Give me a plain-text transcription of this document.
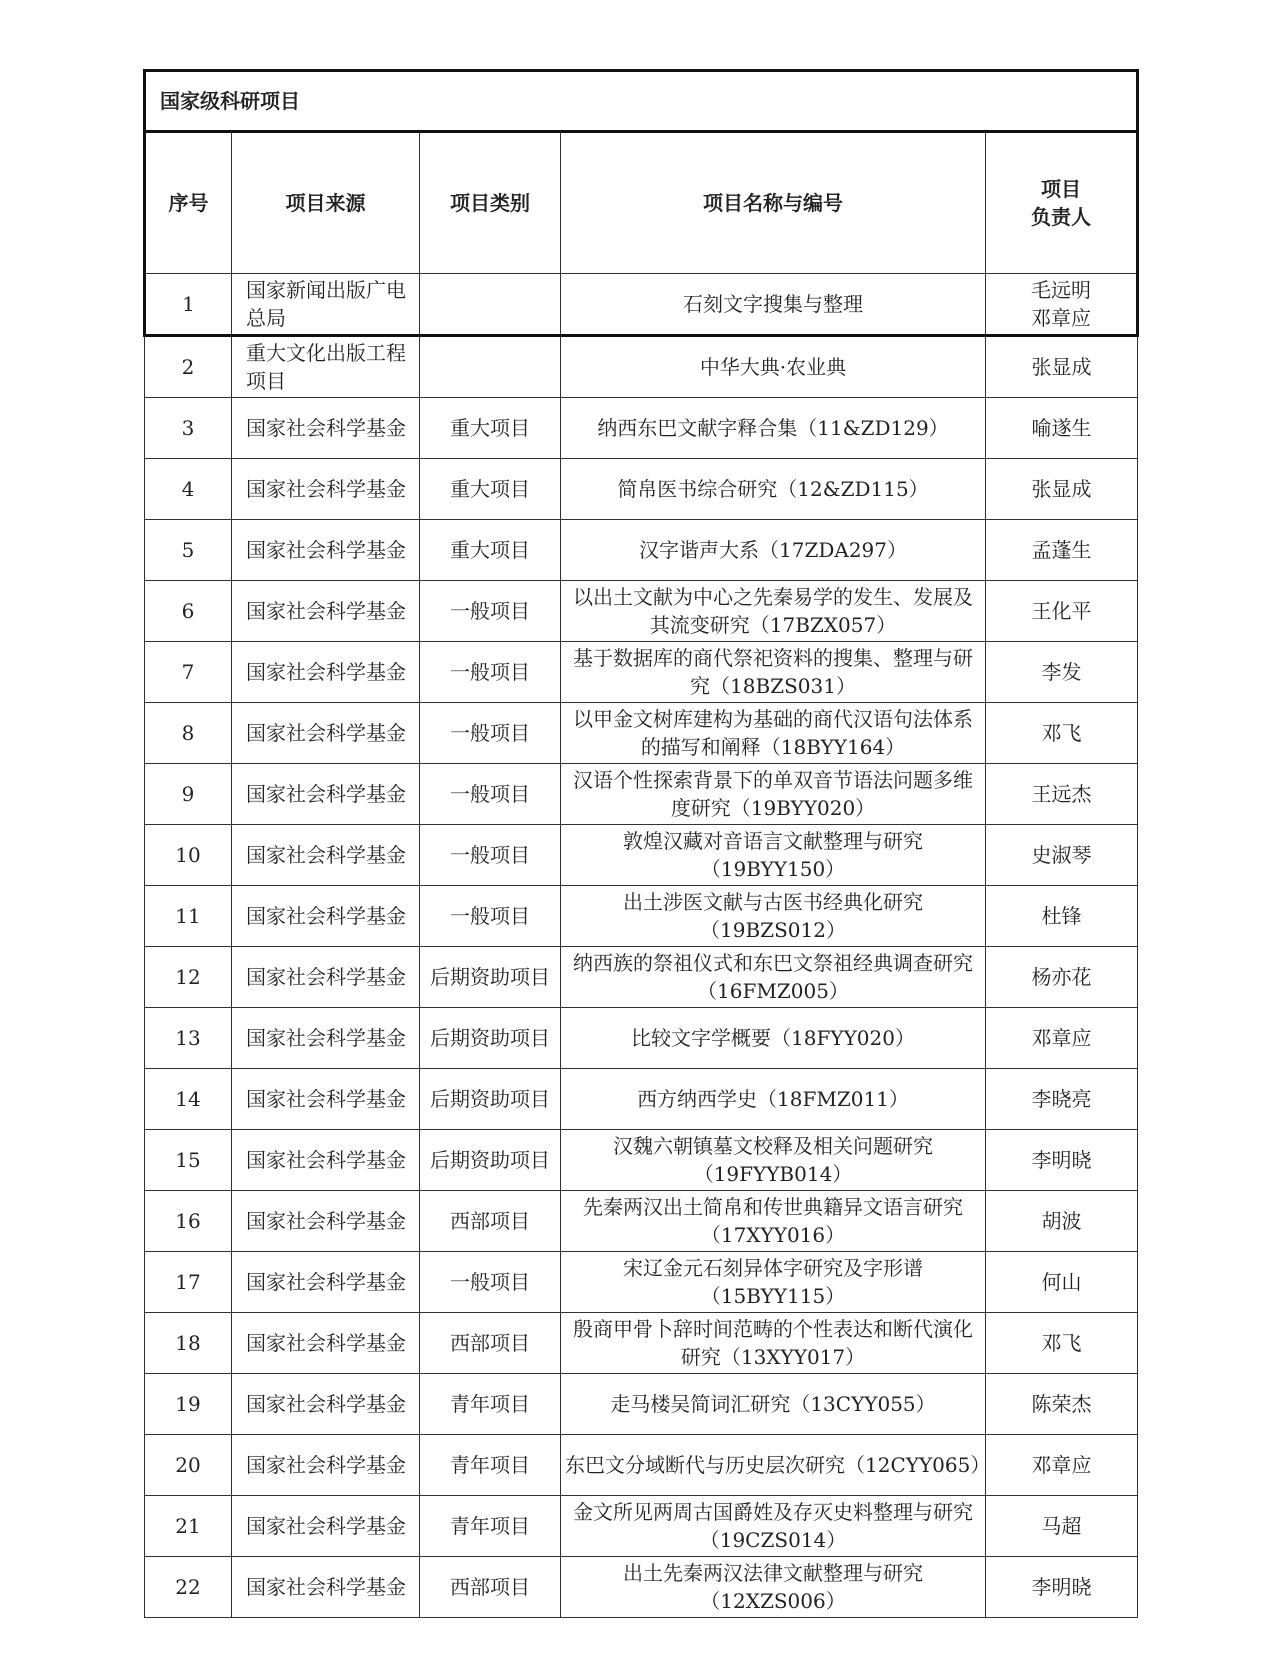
国家级科研项目				
序号	项目来源	项目类别	项目名称与编号	项目
负责人
1	国家新闻出版广电总局		石刻文字搜集与整理	毛远明
邓章应
2	重大文化出版工程项目		中华大典·农业典	张显成
3	国家社会科学基金	重大项目	纳西东巴文献字释合集（11&ZD129）	喻遂生
4	国家社会科学基金	重大项目	简帛医书综合研究（12&ZD115）	张显成
5	国家社会科学基金	重大项目	汉字谐声大系（17ZDA297）	孟蓬生
6	国家社会科学基金	一般项目	以出土文献为中心之先秦易学的发生、发展及其流变研究（17BZX057）	王化平
7	国家社会科学基金	一般项目	基于数据库的商代祭祀资料的搜集、整理与研究（18BZS031）	李发
8	国家社会科学基金	一般项目	以甲金文树库建构为基础的商代汉语句法体系的描写和阐释（18BYY164）	邓飞
9	国家社会科学基金	一般项目	汉语个性探索背景下的单双音节语法问题多维度研究（19BYY020）	王远杰
10	国家社会科学基金	一般项目	敦煌汉藏对音语言文献整理与研究（19BYY150）	史淑琴
11	国家社会科学基金	一般项目	出土涉医文献与古医书经典化研究（19BZS012）	杜锋
12	国家社会科学基金	后期资助项目	纳西族的祭祖仪式和东巴文祭祖经典调查研究（16FMZ005）	杨亦花
13	国家社会科学基金	后期资助项目	比较文字学概要（18FYY020）	邓章应
14	国家社会科学基金	后期资助项目	西方纳西学史（18FMZ011）	李晓亮
15	国家社会科学基金	后期资助项目	汉魏六朝镇墓文校释及相关问题研究（19FYYB014）	李明晓
16	国家社会科学基金	西部项目	先秦两汉出土简帛和传世典籍异文语言研究（17XYY016）	胡波
17	国家社会科学基金	一般项目	宋辽金元石刻异体字研究及字形谱（15BYY115）	何山
18	国家社会科学基金	西部项目	殷商甲骨卜辞时间范畴的个性表达和断代演化研究（13XYY017）	邓飞
19	国家社会科学基金	青年项目	走马楼吴简词汇研究（13CYY055）	陈荣杰
20	国家社会科学基金	青年项目	东巴文分域断代与历史层次研究（12CYY065）	邓章应
21	国家社会科学基金	青年项目	金文所见两周古国爵姓及存灭史料整理与研究（19CZS014）	马超
22	国家社会科学基金	西部项目	出土先秦两汉法律文献整理与研究（12XZS006）	李明晓
